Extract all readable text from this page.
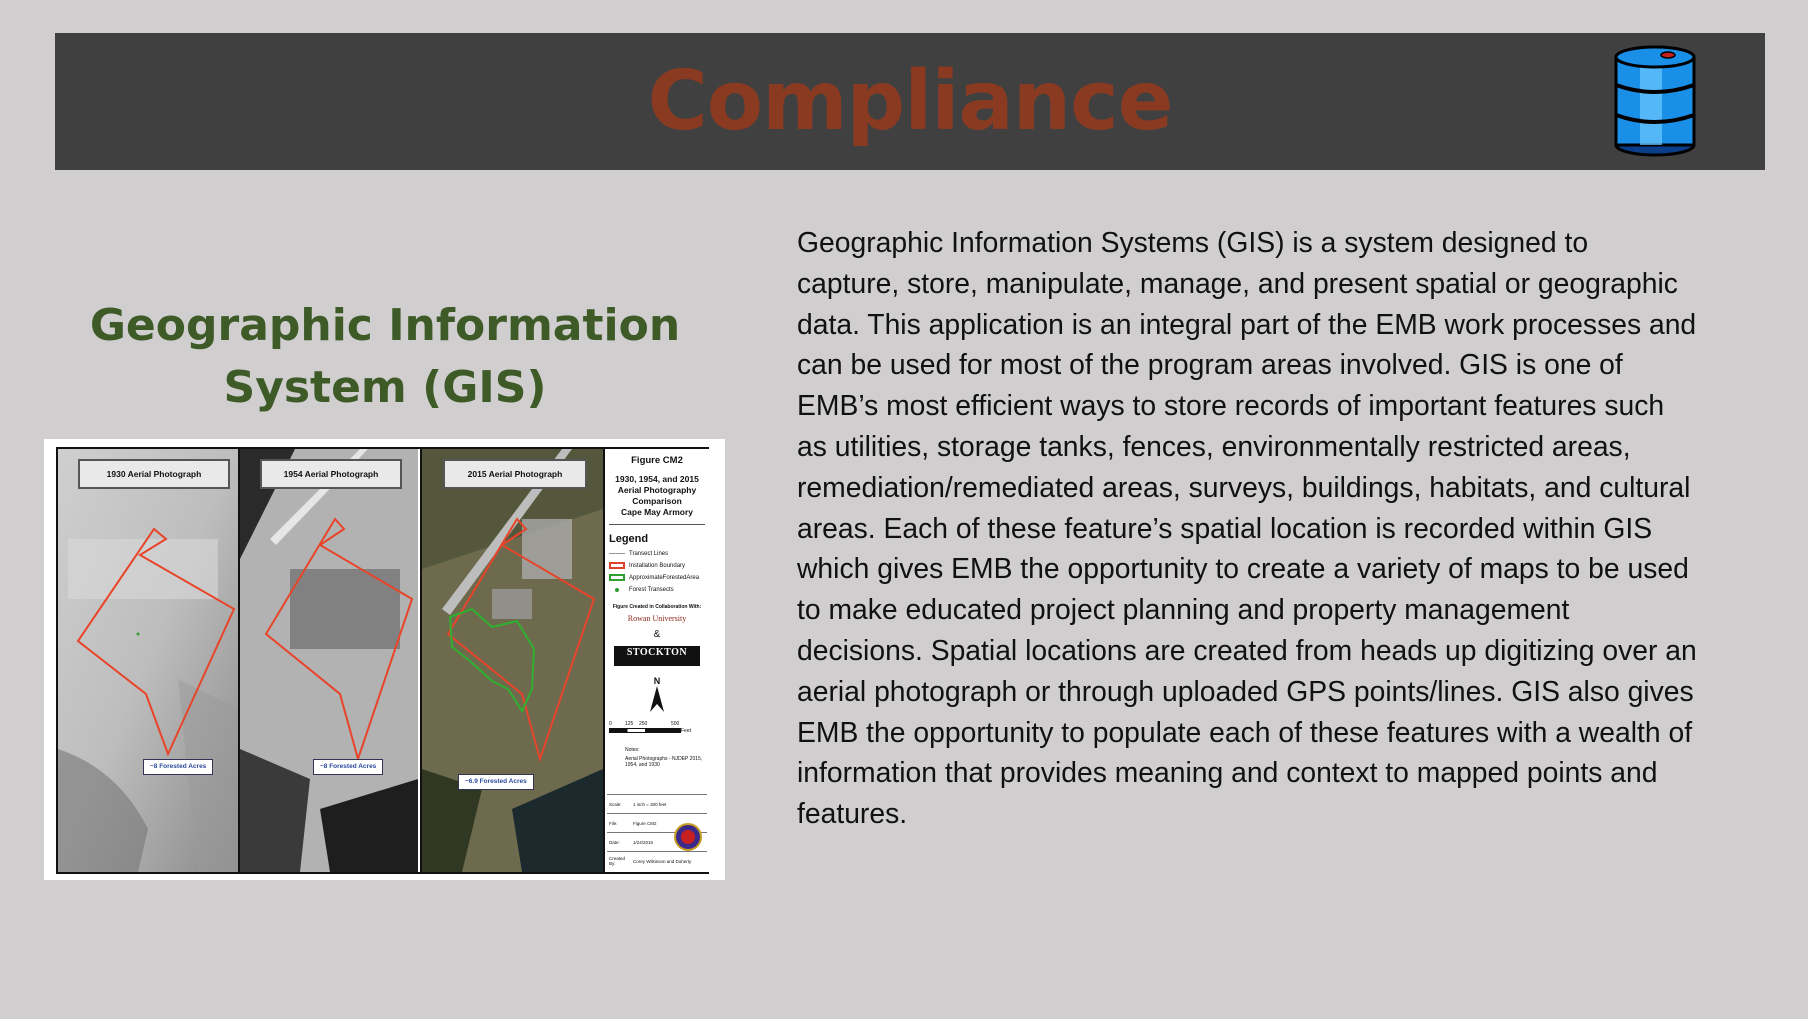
Compliance
Geographic Information
System (GIS)
1930 Aerial Photograph
~8 Forested Acres
1954 Aerial Photograph
~8 Forested Acres
2015 Aerial Photograph
~6.9 Forested Acres
Figure CM2
1930, 1954, and 2015
Aerial Photography
Comparison
Cape May Armory
Legend
Transect Lines
Installation Boundary
ApproximateForestedArea
Forest Transects
Figure Created in Collaboration With:
Rowan University
&
STOCKTON
N
0	125 250	500
Feet
Notes:
Aerial Photographs - NJDEP 2015, 1954, and 1930
Scale:	1 inch = 300 feet
File:	Figure CM2
Date:	1/24/2016
Created By:	Corey Wilkinson and Doherty

Geographic Information Systems (GIS) is a system designed to capture, store, manipulate, manage, and present spatial or geographic data. This application is an integral part of the EMB work processes and can be used for most of the program areas involved. GIS is one of EMB’s most efficient ways to store records of important features such as utilities, storage tanks, fences, environmentally restricted areas, remediation/remediated areas, surveys, buildings, habitats, and cultural areas. Each of these feature’s spatial location is recorded within GIS which gives EMB the opportunity to create a variety of maps to be used to make educated project planning and property management decisions. Spatial locations are created from heads up digitizing over an aerial photograph or through uploaded GPS points/lines. GIS also gives EMB the opportunity to populate each of these features with a wealth of information that provides meaning and context to mapped points and features.
